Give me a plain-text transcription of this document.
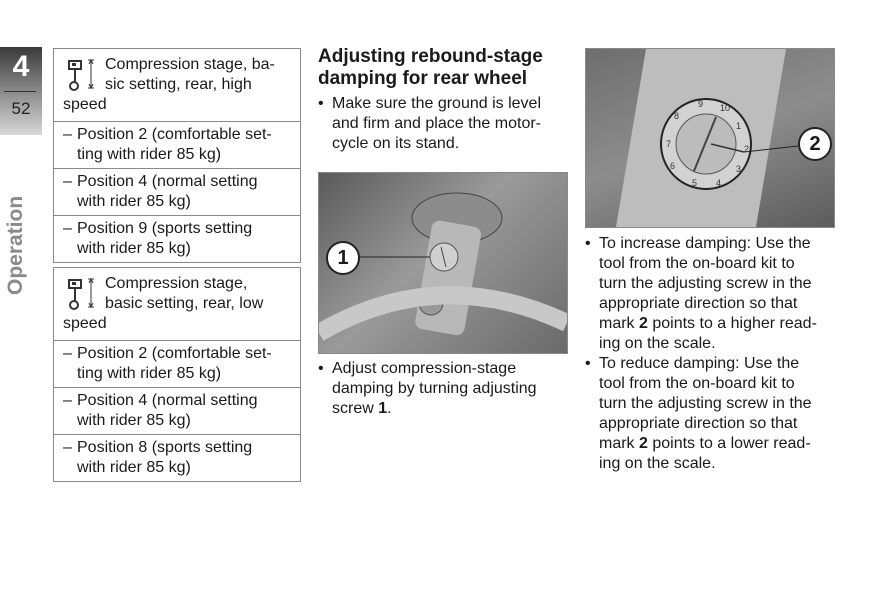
4
52
Operation
Compression stage, ba-
sic setting, rear, high
speed
– Position 2 (comfortable set-
ting with rider 85 kg)
– Position 4 (normal setting
with rider 85 kg)
– Position 9 (sports setting
with rider 85 kg)
Compression stage,
basic setting, rear, low
speed
– Position 2 (comfortable set-
ting with rider 85 kg)
– Position 4 (normal setting
with rider 85 kg)
– Position 8 (sports setting
with rider 85 kg)
Adjusting rebound-stage
damping for rear wheel
• Make sure the ground is level
and firm and place the motor-
cycle on its stand.
1
• Adjust compression-stage
damping by turning adjusting
screw 1.
1
2
3
4
5
6
7
8
9 10
2
• To increase damping: Use the
tool from the on-board kit to
turn the adjusting screw in the
appropriate direction so that
mark 2 points to a higher read-
ing on the scale.
• To reduce damping: Use the
tool from the on-board kit to
turn the adjusting screw in the
appropriate direction so that
mark 2 points to a lower read-
ing on the scale.
